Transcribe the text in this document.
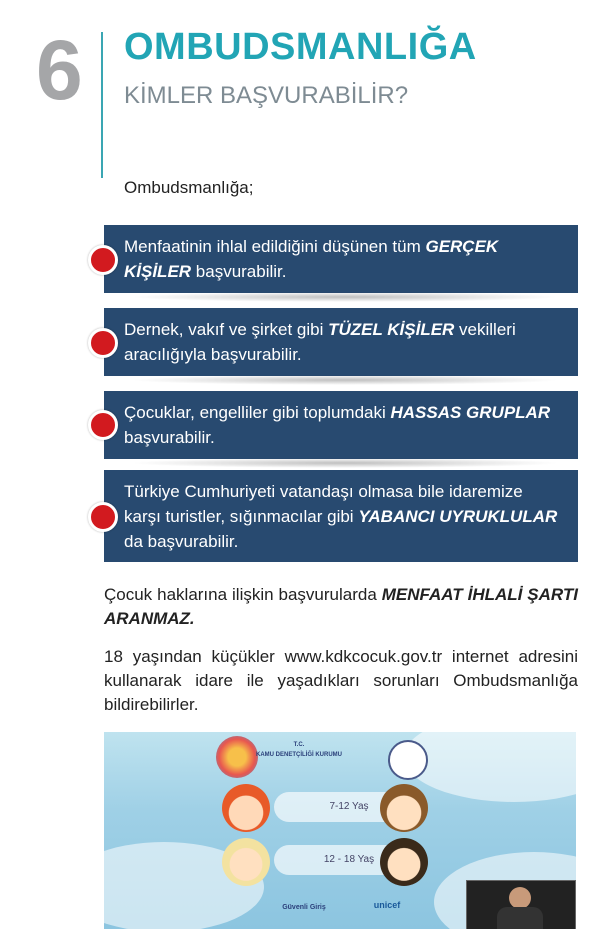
6 OMBUDSMANLIĞA
KİMLER BAŞVURABİLİR?
Ombudsmanlığa;
Menfaatinin ihlal edildiğini düşünen tüm GERÇEK KİŞİLER başvurabilir.
Dernek, vakıf ve şirket gibi TÜZEL KİŞİLER vekilleri aracılığıyla başvurabilir.
Çocuklar, engelliler gibi toplumdaki HASSAS GRUPLAR başvurabilir.
Türkiye Cumhuriyeti vatandaşı olmasa bile idaremize karşı turistler, sığınmacılar gibi YABANCI UYRUKLULAR da başvurabilir.
Çocuk haklarına ilişkin başvurularda MENFAAT İHLALİ ŞARTI ARANMAZ.
18 yaşından küçükler www.kdkcocuk.gov.tr internet adresini kullanarak idare ile yaşadıkları sorunları Ombudsmanlığa bildirebilirler.
T.C.
KAMU DENETÇİLİĞİ KURUMU
7-12 Yaş
12 - 18 Yaş
Güvenli Giriş	unicef
